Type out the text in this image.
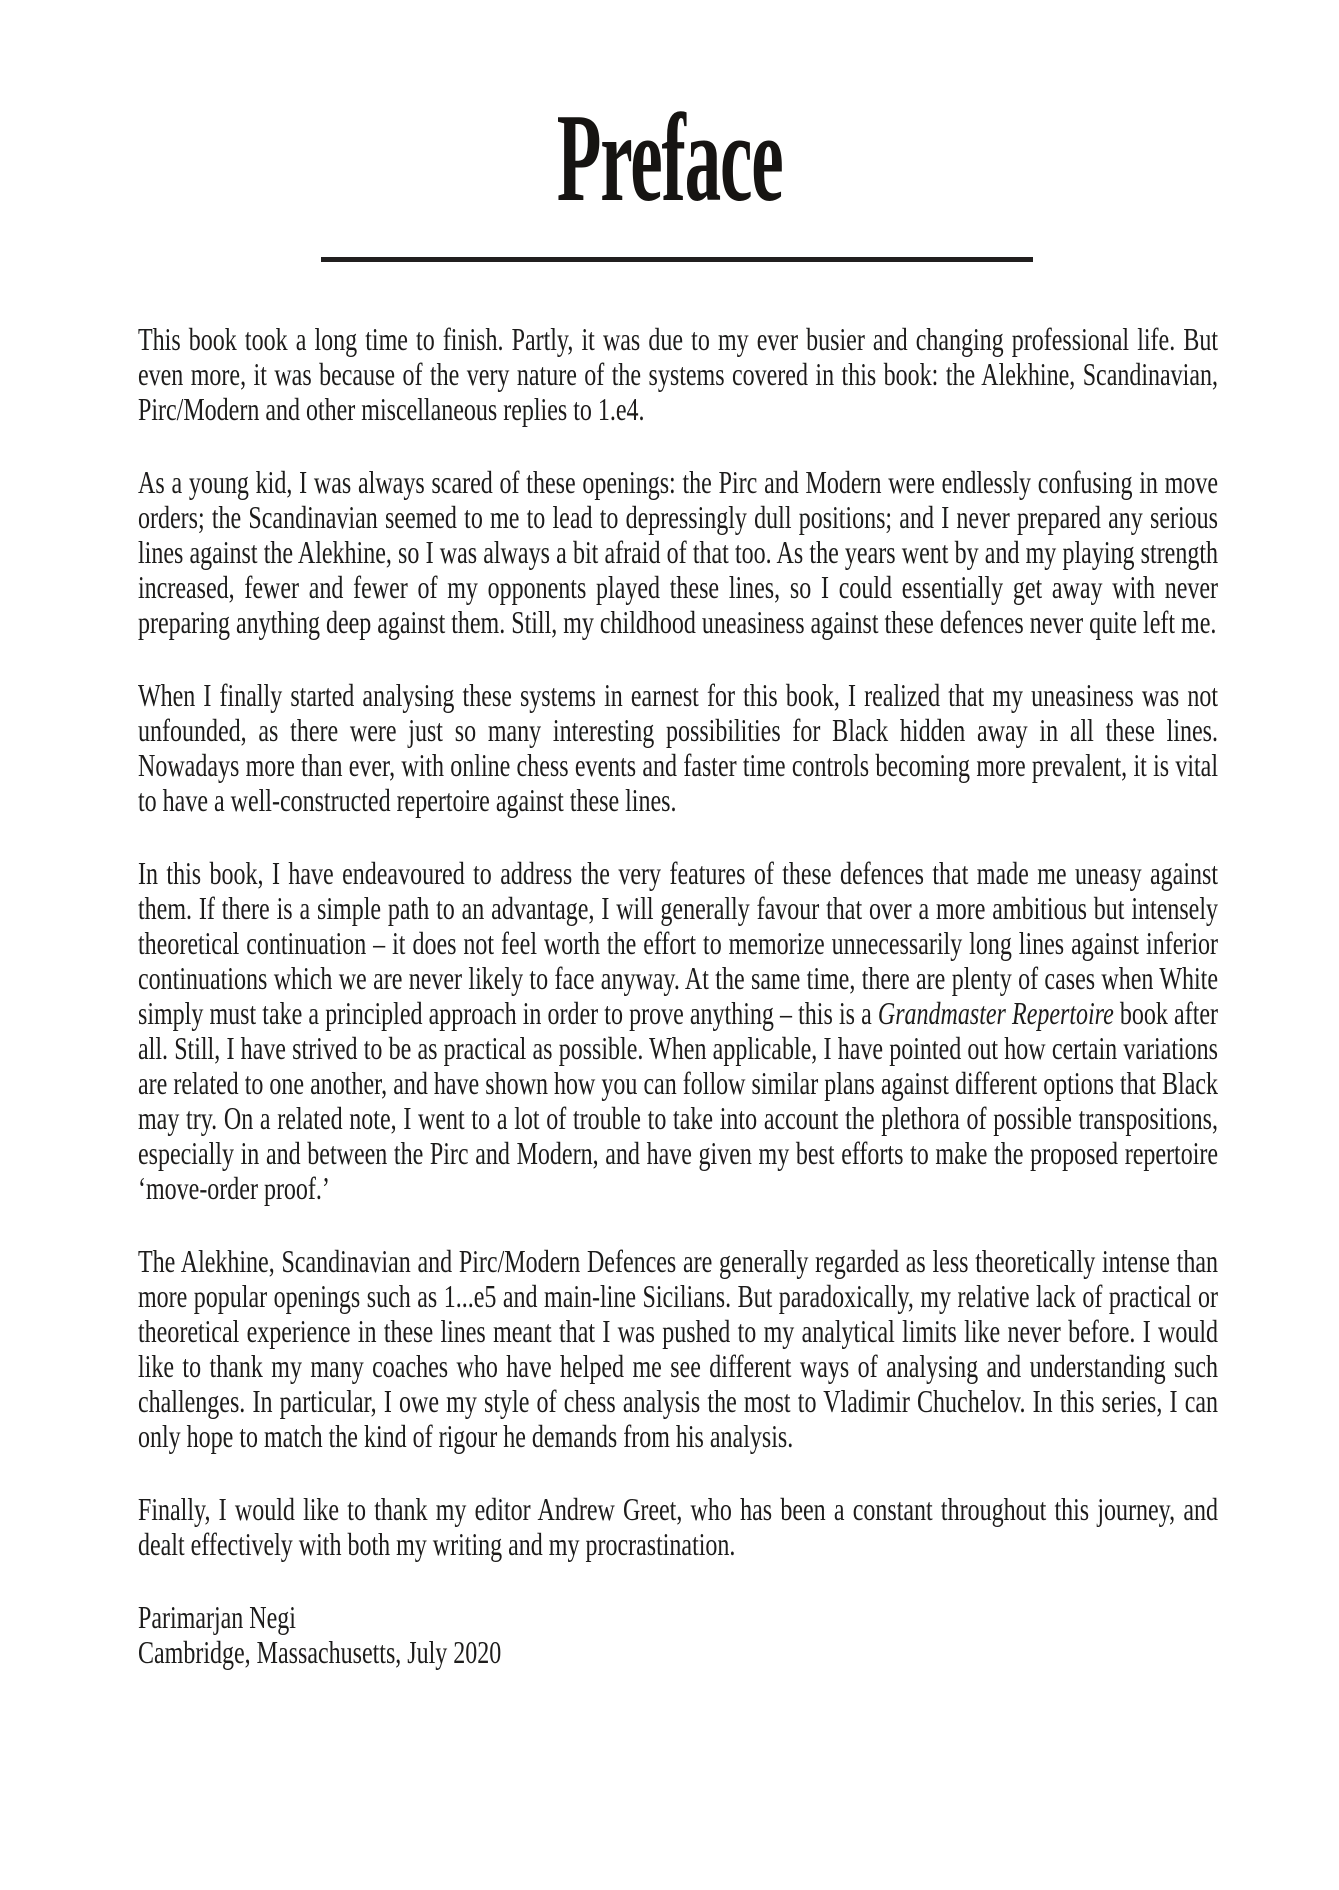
Preface

This book took a long time to finish. Partly, it was due to my ever busier and changing professional life. But even more, it was because of the very nature of the systems covered in this book: the Alekhine, Scandinavian, Pirc/Modern and other miscellaneous replies to 1.e4.

As a young kid, I was always scared of these openings: the Pirc and Modern were endlessly confusing in move orders; the Scandinavian seemed to me to lead to depressingly dull positions; and I never prepared any serious lines against the Alekhine, so I was always a bit afraid of that too. As the years went by and my playing strength increased, fewer and fewer of my opponents played these lines, so I could essentially get away with never preparing anything deep against them. Still, my childhood uneasiness against these defences never quite left me.

When I finally started analysing these systems in earnest for this book, I realized that my uneasiness was not unfounded, as there were just so many interesting possibilities for Black hidden away in all these lines. Nowadays more than ever, with online chess events and faster time controls becoming more prevalent, it is vital to have a well-constructed repertoire against these lines.

In this book, I have endeavoured to address the very features of these defences that made me uneasy against them. If there is a simple path to an advantage, I will generally favour that over a more ambitious but intensely theoretical continuation – it does not feel worth the effort to memorize unnecessarily long lines against inferior continuations which we are never likely to face anyway. At the same time, there are plenty of cases when White simply must take a principled approach in order to prove anything – this is a Grandmaster Repertoire book after all. Still, I have strived to be as practical as possible. When applicable, I have pointed out how certain variations are related to one another, and have shown how you can follow similar plans against different options that Black may try. On a related note, I went to a lot of trouble to take into account the plethora of possible transpositions, especially in and between the Pirc and Modern, and have given my best efforts to make the proposed repertoire ‘move-order proof.’

The Alekhine, Scandinavian and Pirc/Modern Defences are generally regarded as less theoretically intense than more popular openings such as 1...e5 and main-line Sicilians. But paradoxically, my relative lack of practical or theoretical experience in these lines meant that I was pushed to my analytical limits like never before. I would like to thank my many coaches who have helped me see different ways of analysing and understanding such challenges. In particular, I owe my style of chess analysis the most to Vladimir Chuchelov. In this series, I can only hope to match the kind of rigour he demands from his analysis.

Finally, I would like to thank my editor Andrew Greet, who has been a constant throughout this journey, and dealt effectively with both my writing and my procrastination.

Parimarjan Negi
Cambridge, Massachusetts, July 2020
